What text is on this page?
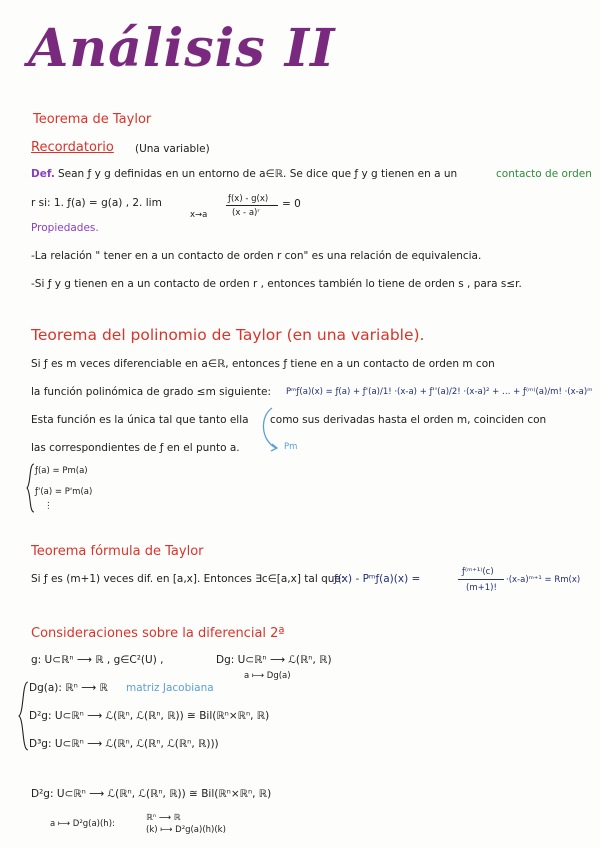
Análisis II
Teorema de Taylor
Recordatorio (Una variable)
Def. Sean ƒ y g definidas en un entorno de a∈ℝ. Se dice que ƒ y g tienen en a un	contacto de orden
r si: 1. ƒ(a) = g(a) , 2. lim
x→a
ƒ(x) - g(x)
(x - a)ʳ
= 0
Propiedades.
-La relación " tener en a un contacto de orden r con" es una relación de equivalencia.
-Si ƒ y g tienen en a un contacto de orden r , entonces también lo tiene de orden s , para s≤r.
Teorema del polinomio de Taylor (en una variable).
Si ƒ es m veces diferenciable en a∈ℝ, entonces ƒ tiene en a un contacto de orden m con
la función polinómica de grado ≤m siguiente: Pᵐƒ(a)(x) = ƒ(a) + ƒ'(a)/1! ·(x-a) + ƒ''(a)/2! ·(x-a)² + … + ƒ⁽ᵐ⁾(a)/m! ·(x-a)ᵐ
Esta función es la única tal que tanto ella como sus derivadas hasta el orden m, coinciden con
las correspondientes de ƒ en el punto a.	Pm
ƒ(a) = Pm(a)
ƒ'(a) = P'm(a)
⋮
Teorema fórmula de Taylor
Si ƒ es (m+1) veces dif. en [a,x]. Entonces ∃c∈[a,x] tal que:
ƒ(x) - Pᵐƒ(a)(x) =
ƒ⁽ᵐ⁺¹⁾(c)
(m+1)!
·(x-a)ᵐ⁺¹ = Rm(x)
Consideraciones sobre la diferencial 2ª
g: U⊂ℝⁿ ⟶ ℝ , g∈C²(U) ,	Dg: U⊂ℝⁿ ⟶ ℒ(ℝⁿ, ℝ)
a ⟼ Dg(a)
Dg(a): ℝⁿ ⟶ ℝ matriz Jacobiana
D²g: U⊂ℝⁿ ⟶ ℒ(ℝⁿ, ℒ(ℝⁿ, ℝ)) ≅ Bil(ℝⁿ×ℝⁿ, ℝ)
D³g: U⊂ℝⁿ ⟶ ℒ(ℝⁿ, ℒ(ℝⁿ, ℒ(ℝⁿ, ℝ)))
D²g: U⊂ℝⁿ ⟶ ℒ(ℝⁿ, ℒ(ℝⁿ, ℝ)) ≅ Bil(ℝⁿ×ℝⁿ, ℝ)
a ⟼ D²g(a)(h):
ℝⁿ ⟶ ℝ
(k) ⟼ D²g(a)(h)(k)
